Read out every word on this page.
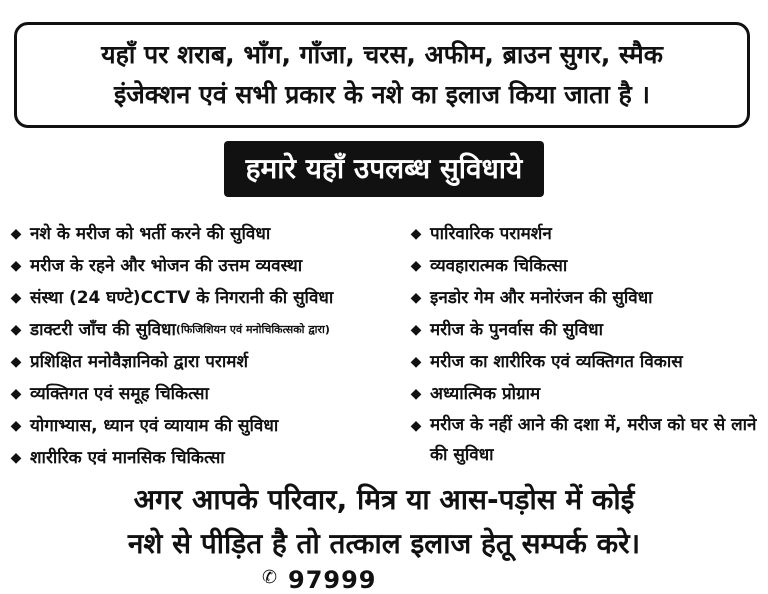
यहाँ पर शराब, भाँग, गाँजा, चरस, अफीम, ब्राउन सुगर, स्मैक
इंजेक्शन एवं सभी प्रकार के नशे का इलाज किया जाता है ।
हमारे यहाँ उपलब्ध सुविधाये
◆ नशे के मरीज को भर्ती करने की सुविधा
◆ मरीज के रहने और भोजन की उत्तम व्यवस्था
◆ संस्था (24 घण्टे)CCTV के निगरानी की सुविधा
◆ डाक्टरी जाँच की सुविधा (फिजिशियन एवं मनोचिकित्सको द्वारा)
◆ प्रशिक्षित मनोवैज्ञानिको द्वारा परामर्श
◆ व्यक्तिगत एवं समूह चिकित्सा
◆ योगाभ्यास, ध्यान एवं व्यायाम की सुविधा
◆ शारीरिक एवं मानसिक चिकित्सा
◆ पारिवारिक परामर्शन
◆ व्यवहारात्मक चिकित्सा
◆ इनडोर गेम और मनोरंजन की सुविधा
◆ मरीज के पुनर्वास की सुविधा
◆ मरीज का शारीरिक एवं व्यक्तिगत विकास
◆ अध्यात्मिक प्रोग्राम
◆ मरीज के नहीं आने की दशा में, मरीज को घर से लाने की सुविधा
अगर आपके परिवार, मित्र या आस-पड़ोस में कोई
नशे से पीड़ित है तो तत्काल इलाज हेतू सम्पर्क करे।
✆ 97999
